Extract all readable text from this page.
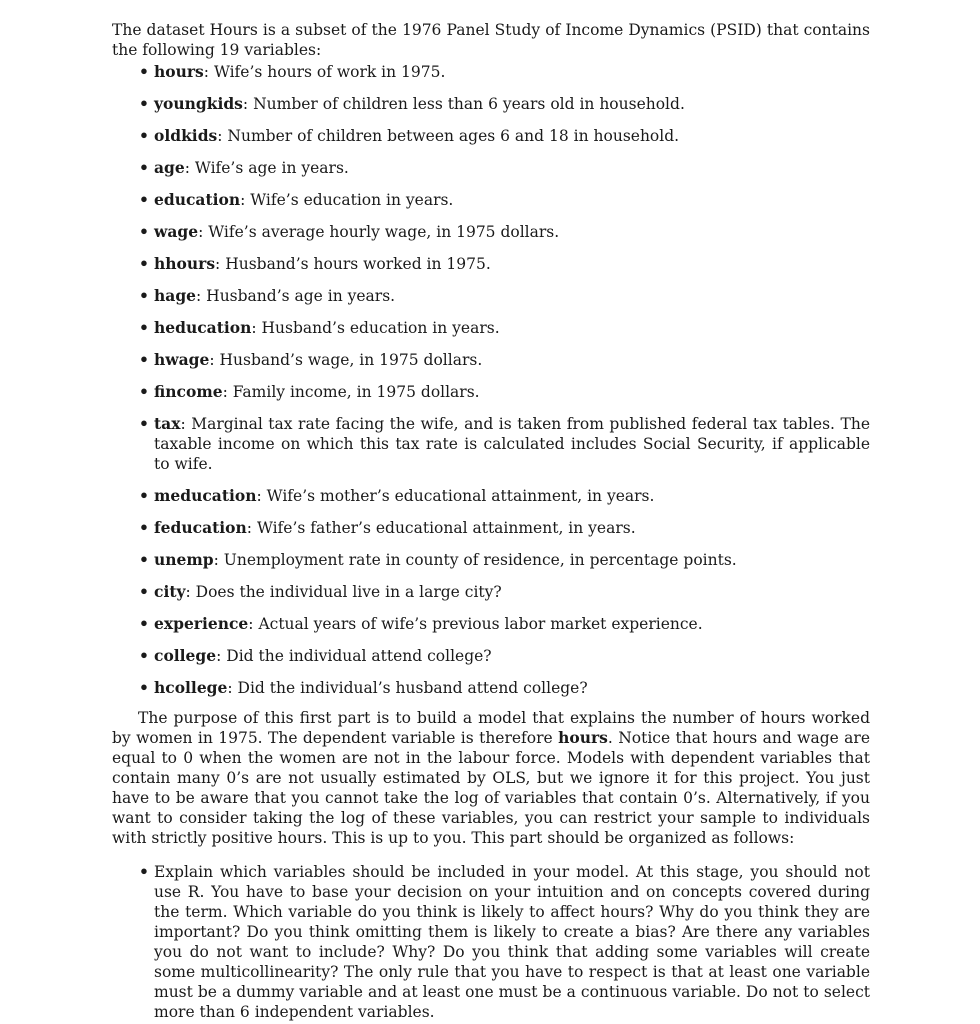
The dataset Hours is a subset of the 1976 Panel Study of Income Dynamics (PSID) that contains the following 19 variables:

• hours: Wife’s hours of work in 1975.
• youngkids: Number of children less than 6 years old in household.
• oldkids: Number of children between ages 6 and 18 in household.
• age: Wife’s age in years.
• education: Wife’s education in years.
• wage: Wife’s average hourly wage, in 1975 dollars.
• hhours: Husband’s hours worked in 1975.
• hage: Husband’s age in years.
• heducation: Husband’s education in years.
• hwage: Husband’s wage, in 1975 dollars.
• fincome: Family income, in 1975 dollars.
• tax: Marginal tax rate facing the wife, and is taken from published federal tax tables. The taxable income on which this tax rate is calculated includes Social Security, if applicable to wife.
• meducation: Wife’s mother’s educational attainment, in years.
• feducation: Wife’s father’s educational attainment, in years.
• unemp: Unemployment rate in county of residence, in percentage points.
• city: Does the individual live in a large city?
• experience: Actual years of wife’s previous labor market experience.
• college: Did the individual attend college?
• hcollege: Did the individual’s husband attend college?

The purpose of this first part is to build a model that explains the number of hours worked by women in 1975. The dependent variable is therefore hours. Notice that hours and wage are equal to 0 when the women are not in the labour force. Models with dependent variables that contain many 0’s are not usually estimated by OLS, but we ignore it for this project. You just have to be aware that you cannot take the log of variables that contain 0’s. Alternatively, if you want to consider taking the log of these variables, you can restrict your sample to individuals with strictly positive hours. This is up to you. This part should be organized as follows:

• Explain which variables should be included in your model. At this stage, you should not use R. You have to base your decision on your intuition and on concepts covered during the term. Which variable do you think is likely to affect hours? Why do you think they are important? Do you think omitting them is likely to create a bias? Are there any variables you do not want to include? Why? Do you think that adding some variables will create some multicollinearity? The only rule that you have to respect is that at least one variable must be a dummy variable and at least one must be a continuous variable. Do not to select more than 6 independent variables.
